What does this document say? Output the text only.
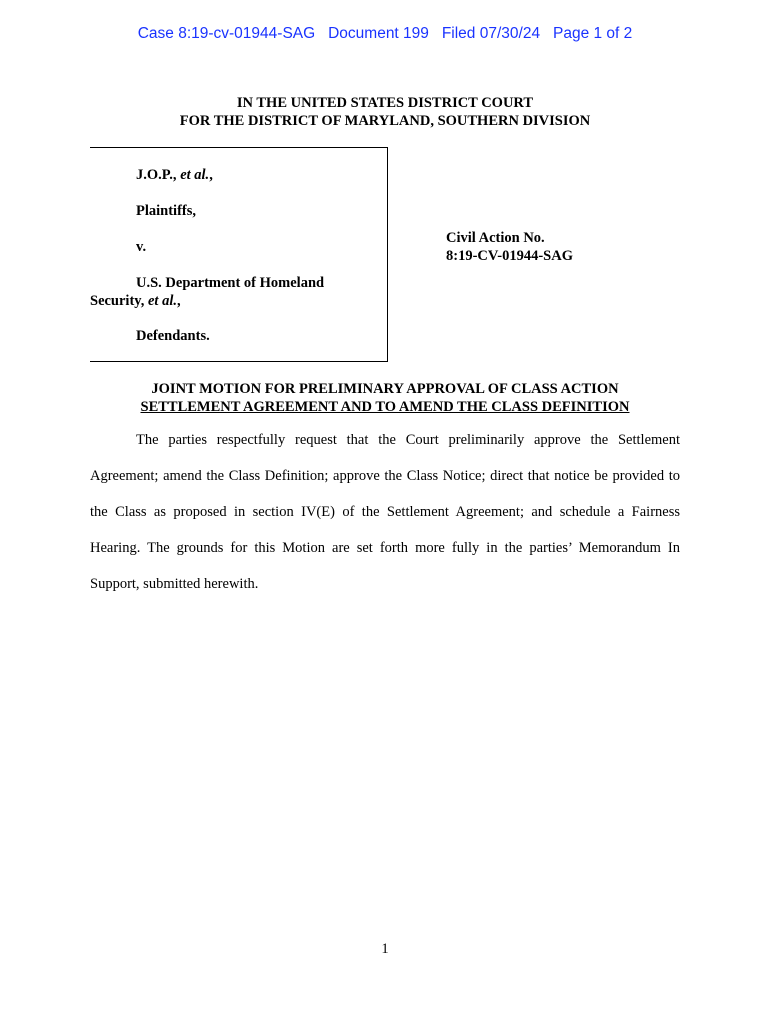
Case 8:19-cv-01944-SAG   Document 199   Filed 07/30/24   Page 1 of 2
IN THE UNITED STATES DISTRICT COURT
FOR THE DISTRICT OF MARYLAND, SOUTHERN DIVISION
J.O.P., et al.,
Plaintiffs,
v.
U.S. Department of Homeland
Security, et al.,
Defendants.
Civil Action No.
8:19-CV-01944-SAG
JOINT MOTION FOR PRELIMINARY APPROVAL OF CLASS ACTION
SETTLEMENT AGREEMENT AND TO AMEND THE CLASS DEFINITION

The parties respectfully request that the Court preliminarily approve the Settlement Agreement; amend the Class Definition; approve the Class Notice; direct that notice be provided to the Class as proposed in section IV(E) of the Settlement Agreement; and schedule a Fairness Hearing. The grounds for this Motion are set forth more fully in the parties’ Memorandum In Support, submitted herewith.

1
